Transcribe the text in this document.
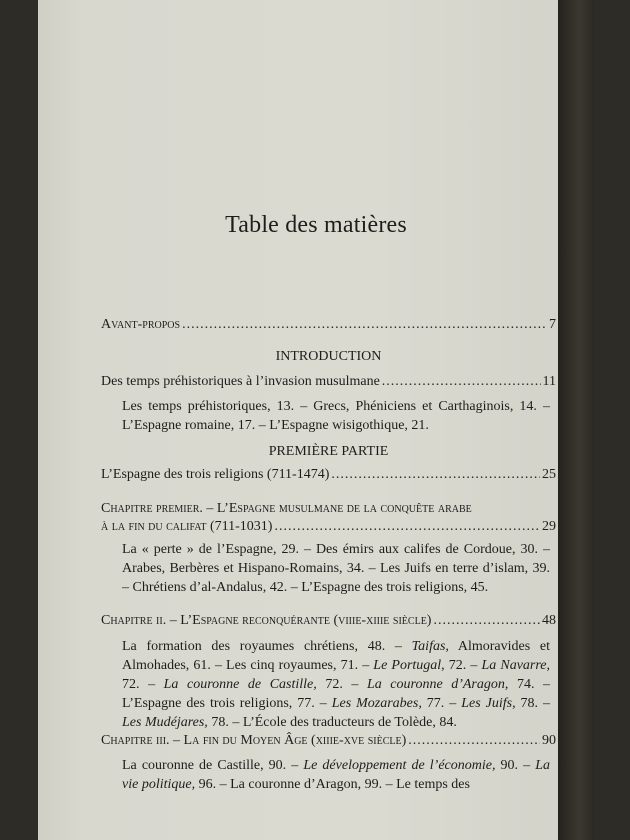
Table des matières
Avant-propos .....	7
INTRODUCTION
Des temps préhistoriques à l’invasion musulmane .....	11
Les temps préhistoriques, 13. – Grecs, Phéniciens et Carthaginois, 14. – L’Espagne romaine, 17. – L’Espagne wisigothique, 21.
PREMIÈRE PARTIE
L’Espagne des trois religions (711-1474) .....	25
Chapitre premier. – L’Espagne musulmane de la conquête arabe
à la fin du califat
(711-1031) .....	29
La « perte » de l’Espagne, 29. – Des émirs aux califes de Cordoue, 30. – Arabes, Berbères et Hispano-Romains, 34. – Les Juifs en terre d’islam, 39. – Chrétiens d’al-Andalus, 42. – L’Espagne des trois religions, 45.
Chapitre ii. – L’Espagne reconquérante
(viiie-xiiie siècle) .....	48
La formation des royaumes chrétiens, 48. – Taifas, Almoravides et Almohades, 61. – Les cinq royaumes, 71. – Le Portugal, 72. – La Navarre, 72. – La couronne de Castille, 72. – La couronne d’Aragon, 74. – L’Espagne des trois religions, 77. – Les Mozarabes, 77. – Les Juifs, 78. – Les Mudéjares, 78. – L’École des traducteurs de Tolède, 84.
Chapitre iii. – La fin du Moyen Âge
(xiiie-xve siècle) .....	90
La couronne de Castille, 90. – Le développement de l’économie, 90. – La vie politique, 96. – La couronne d’Aragon, 99. – Le temps des
